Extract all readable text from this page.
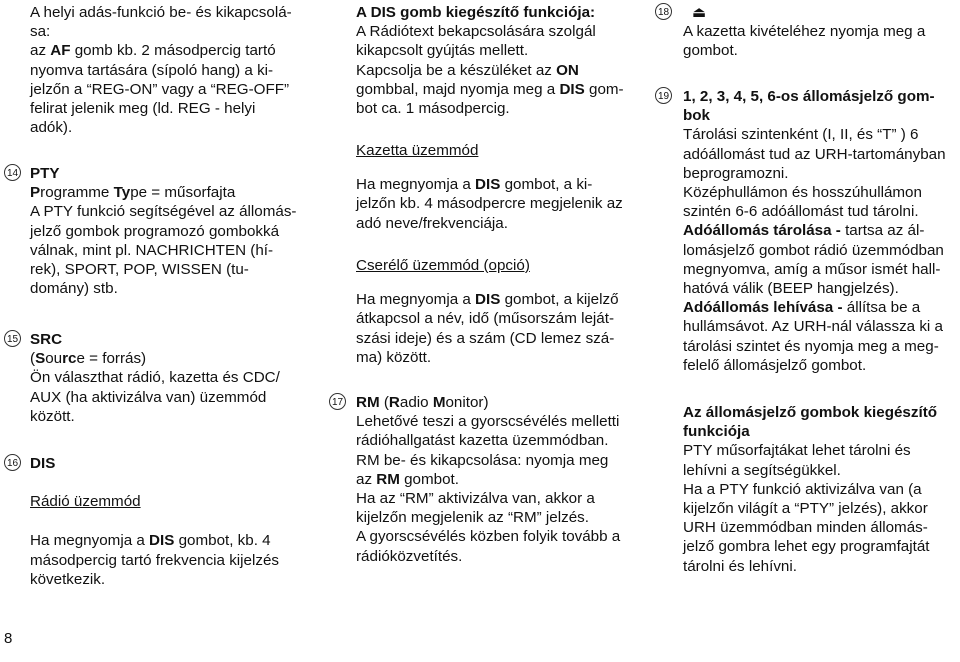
A helyi adás-funkció be- és kikapcsolá-

sa:

az AF gomb kb. 2 másodpercig tartó

nyomva tartására (sípoló hang) a ki-

jelzőn a “REG-ON” vagy a “REG-OFF”

felirat jelenik meg (ld. REG - helyi

adók).

14 PTY

Programme Type = műsorfajta

A PTY funkció segítségével az állomás-

jelző gombok programozó gombokká

válnak, mint pl. NACHRICHTEN (hí-

rek), SPORT, POP, WISSEN (tu-

domány) stb.

15 SRC

(Source = forrás)

Ön választhat rádió, kazetta és CDC/

AUX (ha aktivizálva van) üzemmód

között.

16 DIS

Rádió üzemmód

Ha megnyomja a DIS gombot, kb. 4

másodpercig tartó frekvencia kijelzés

következik.

A DIS gomb kiegészítő funkciója:

A Rádiótext bekapcsolására szolgál

kikapcsolt gyújtás mellett.

Kapcsolja be a készüléket az ON

gombbal, majd nyomja meg a DIS gom-

bot ca. 1 másodpercig.

Kazetta üzemmód

Ha megnyomja a DIS gombot, a ki-

jelzőn kb. 4 másodpercre megjelenik az

adó neve/frekvenciája.

Cserélő üzemmód (opció)

Ha megnyomja a DIS gombot, a kijelző

átkapcsol a név, idő (műsorszám leját-

szási ideje) és a szám (CD lemez szá-

ma) között.

17 RM (Radio Monitor)

Lehetővé teszi a gyorscsévélés melletti

rádióhallgatást kazetta üzemmódban.

RM be- és kikapcsolása: nyomja meg

az RM gombot.

Ha az “RM” aktivizálva van, akkor a

kijelzőn megjelenik az “RM” jelzés.

A gyorscsévélés közben folyik tovább a

rádióközvetítés.

18	⏏

A kazetta kivételéhez nyomja meg a

gombot.

19 1, 2, 3, 4, 5, 6-os állomásjelző gom-

bok

Tárolási szintenként (I, II, és “T” ) 6

adóállomást tud az URH-tartományban

beprogramozni.

Középhullámon és hosszúhullámon

szintén 6-6 adóállomást tud tárolni.

Adóállomás tárolása - tartsa az ál-

lomásjelző gombot rádió üzemmódban

megnyomva, amíg a műsor ismét hall-

hatóvá válik (BEEP hangjelzés).

Adóállomás lehívása - állítsa be a

hullámsávot. Az URH-nál válassza ki a

tárolási szintet és nyomja meg a meg-

felelő állomásjelző gombot.

Az állomásjelző gombok kiegészítő

funkciója

PTY műsorfajtákat lehet tárolni és

lehívni a segítségükkel.

Ha a PTY funkció aktivizálva van (a

kijelzőn világít a “PTY” jelzés), akkor

URH üzemmódban minden állomás-

jelző gombra lehet egy programfajtát

tárolni és lehívni.

8
